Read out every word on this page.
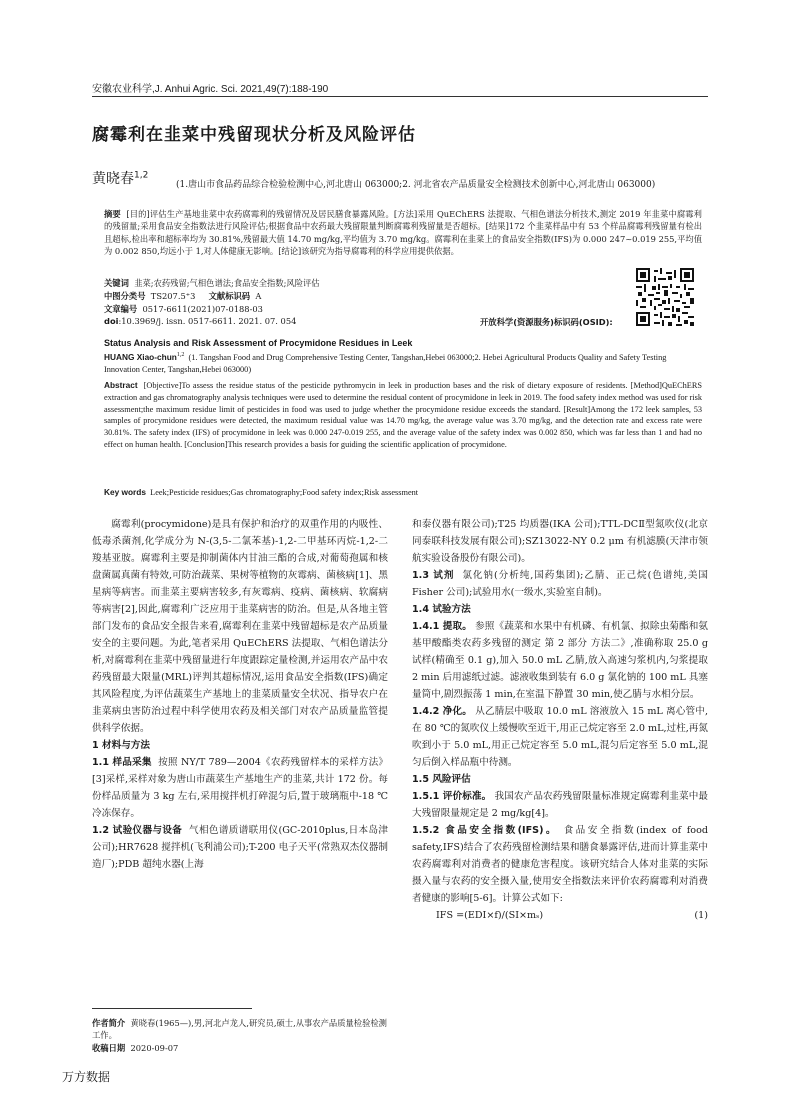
安徽农业科学,J. Anhui Agric. Sci. 2021,49(7):188-190
腐霉利在韭菜中残留现状分析及风险评估
黄晓春$^{1,2}$
(1.唐山市食品药品综合检验检测中心,河北唐山 063000;2. 河北省农产品质量安全检测技术创新中心,河北唐山 063000)
摘要 [目的]评估生产基地韭菜中农药腐霉利的残留情况及居民膳食暴露风险。[方法]采用 QuEChERS 法提取、气相色谱法分析技术,测定 2019 年韭菜中腐霉利的残留量;采用食品安全指数法进行风险评估;根据食品中农药最大残留限量判断腐霉利残留量是否超标。[结果]172 个韭菜样品中有 53 个样品腐霉利残留量有检出且超标,检出率和超标率均为 30.81%,残留最大值 14.70 mg/kg,平均值为 3.70 mg/kg。腐霉利在韭菜上的食品安全指数(IFS)为 0.000 247~0.019 255,平均值为 0.002 850,均远小于 1,对人体健康无影响。[结论]该研究为指导腐霉利的科学应用提供依据。
关键词 韭菜;农药残留;气相色谱法;食品安全指数;风险评估
中图分类号 TS207.5⁺3 文献标识码 A
文章编号 0517-6611(2021)07-0188-03
doi:10.3969/j. issn. 0517-6611. 2021. 07. 054	开放科学(资源服务)标识码(OSID):
Status Analysis and Risk Assessment of Procymidone Residues in Leek
HUANG Xiao-chun$^{1,2}$ (1. Tangshan Food and Drug Comprehensive Testing Center, Tangshan,Hebei 063000;2. Hebei Agricultural Products Quality and Safety Testing Innovation Center, Tangshan,Hebei 063000)
Abstract [Objective]To assess the residue status of the pesticide pythromycin in leek in production bases and the risk of dietary exposure of residents. [Method]QuEChERS extraction and gas chromatography analysis techniques were used to determine the residual content of procymidone in leek in 2019. The food safety index method was used for risk assessment;the maximum residue limit of pesticides in food was used to judge whether the procymidone residue exceeds the standard. [Result]Among the 172 leek samples, 53 samples of procymidone residues were detected, the maximum residual value was 14.70 mg/kg, the average value was 3.70 mg/kg, and the detection rate and excess rate were 30.81%. The safety index (IFS) of procymidone in leek was 0.000 247-0.019 255, and the average value of the safety index was 0.002 850, which was far less than 1 and had no effect on human health. [Conclusion]This research provides a basis for guiding the scientific application of procymidone.
Key words Leek;Pesticide residues;Gas chromatography;Food safety index;Risk assessment

腐霉利(procymidone)是具有保护和治疗的双重作用的内吸性、低毒杀菌剂,化学成分为 N-(3,5-二氯苯基)-1,2-二甲基环丙烷-1,2-二羧基亚胺。腐霉利主要是抑制菌体内甘油三酯的合成,对葡萄孢属和核盘菌属真菌有特效,可防治蔬菜、果树等植物的灰霉病、菌核病[1]、黑星病等病害。而韭菜主要病害较多,有灰霉病、疫病、菌核病、软腐病等病害[2],因此,腐霉利广泛应用于韭菜病害的防治。但是,从各地主管部门发布的食品安全报告来看,腐霉利在韭菜中残留超标是农产品质量安全的主要问题。为此,笔者采用 QuEChERS 法提取、气相色谱法分析,对腐霉利在韭菜中残留量进行年度跟踪定量检测,并运用农产品中农药残留最大限量(MRL)评判其超标情况,运用食品安全指数(IFS)确定其风险程度,为评估蔬菜生产基地上的韭菜质量安全状况、指导农户在韭菜病虫害防治过程中科学使用农药及相关部门对农产品质量监管提供科学依据。

1 材料与方法

1.1 样品采集 按照 NY/T 789—2004《农药残留样本的采样方法》[3]采样,采样对象为唐山市蔬菜生产基地生产的韭菜,共计 172 份。每份样品质量为 3 kg 左右,采用搅拌机打碎混匀后,置于玻璃瓶中-18 ℃冷冻保存。

1.2 试验仪器与设备 气相色谱质谱联用仪(GC-2010plus,日本岛津公司);HR7628 搅拌机(飞利浦公司);T-200 电子天平(常熟双杰仪器制造厂);PDB 超纯水器(上海

和泰仪器有限公司);T25 均质器(IKA 公司);TTL-DCⅡ型氮吹仪(北京同泰联科技发展有限公司);SZ13022-NY 0.2 μm 有机滤膜(天津市领航实验设备股份有限公司)。

1.3 试剂 氯化钠(分析纯,国药集团);乙腈、正己烷(色谱纯,美国 Fisher 公司);试验用水(一级水,实验室自制)。

1.4 试验方法

1.4.1 提取。 参照《蔬菜和水果中有机磷、有机氯、拟除虫菊酯和氨基甲酸酯类农药多残留的测定 第 2 部分 方法二》,准确称取 25.0 g 试样(精确至 0.1 g),加入 50.0 mL 乙腈,放入高速匀浆机内,匀浆提取 2 min 后用滤纸过滤。滤液收集到装有 6.0 g 氯化钠的 100 mL 具塞量筒中,剧烈振荡 1 min,在室温下静置 30 min,使乙腈与水相分层。

1.4.2 净化。 从乙腈层中吸取 10.0 mL 溶液放入 15 mL 离心管中,在 80 ℃的氮吹仪上缓慢吹至近干,用正己烷定容至 2.0 mL,过柱,再氮吹到小于 5.0 mL,用正己烷定容至 5.0 mL,混匀后定容至 5.0 mL,混匀后倒入样品瓶中待测。

1.5 风险评估

1.5.1 评价标准。 我国农产品农药残留限量标准规定腐霉利韭菜中最大残留限量规定是 2 mg/kg[4]。

1.5.2 食品安全指数(IFS)。 食品安全指数(index of food safety,IFS)结合了农药残留检测结果和膳食暴露评估,进而计算韭菜中农药腐霉利对消费者的健康危害程度。该研究结合人体对韭菜的实际摄入量与农药的安全摄入量,使用安全指数法来评价农药腐霉利对消费者健康的影响[5-6]。计算公式如下:

IFS =(EDI×f)/(SI×mₛ)	(1)

作者简介 黄晓春(1965—),男,河北卢龙人,研究员,硕士,从事农产品质量检验检测工作。
收稿日期 2020-09-07
万方数据
